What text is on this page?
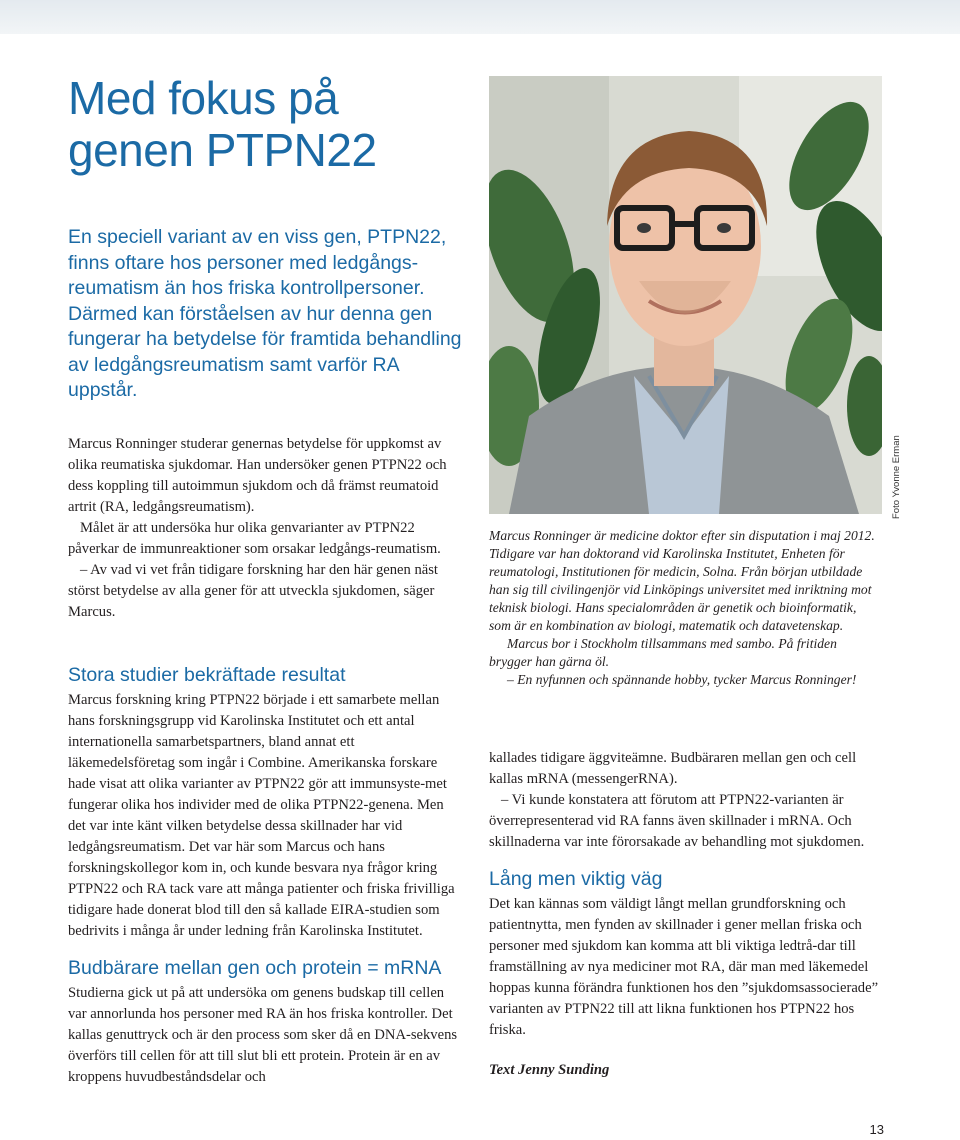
Med fokus på genen PTPN22

En speciell variant av en viss gen, PTPN22, finns oftare hos personer med ledgångs-reumatism än hos friska kontrollpersoner. Därmed kan förståelsen av hur denna gen fungerar ha betydelse för framtida behandling av ledgångsreumatism samt varför RA uppstår.

Marcus Ronninger studerar genernas betydelse för uppkomst av olika reumatiska sjukdomar. Han undersöker genen PTPN22 och dess koppling till autoimmun sjukdom och då främst reumatoid artrit (RA, ledgångsreumatism).

Målet är att undersöka hur olika genvarianter av PTPN22 påverkar de immunreaktioner som orsakar ledgångs-reumatism.

– Av vad vi vet från tidigare forskning har den här genen näst störst betydelse av alla gener för att utveckla sjukdomen, säger Marcus.

Stora studier bekräftade resultat

Marcus forskning kring PTPN22 började i ett samarbete mellan hans forskningsgrupp vid Karolinska Institutet och ett antal internationella samarbetspartners, bland annat ett läkemedelsföretag som ingår i Combine. Amerikanska forskare hade visat att olika varianter av PTPN22 gör att immunsyste-met fungerar olika hos individer med de olika PTPN22-genena. Men det var inte känt vilken betydelse dessa skillnader har vid ledgångsreumatism. Det var här som Marcus och hans forskningskollegor kom in, och kunde besvara nya frågor kring PTPN22 och RA tack vare att många patienter och friska frivilliga tidigare hade donerat blod till den så kallade EIRA-studien som bedrivits i många år under ledning från Karolinska Institutet.

Budbärare mellan gen och protein = mRNA

Studierna gick ut på att undersöka om genens budskap till cellen var annorlunda hos personer med RA än hos friska kontroller. Det kallas genuttryck och är den process som sker då en DNA-sekvens överförs till cellen för att till slut bli ett protein. Protein är en av kroppens huvudbeståndsdelar och

Foto Yvonne Erman

Marcus Ronninger är medicine doktor efter sin disputation i maj 2012. Tidigare var han doktorand vid Karolinska Institutet, Enheten för reumatologi, Institutionen för medicin, Solna. Från början utbildade han sig till civilingenjör vid Linköpings universitet med inriktning mot teknisk biologi. Hans specialområden är genetik och bioinformatik, som är en kombination av biologi, matematik och datavetenskap.

Marcus bor i Stockholm tillsammans med sambo. På fritiden brygger han gärna öl.

– En nyfunnen och spännande hobby, tycker Marcus Ronninger!

kallades tidigare äggviteämne. Budbäraren mellan gen och cell kallas mRNA (messengerRNA).

– Vi kunde konstatera att förutom att PTPN22-varianten är överrepresenterad vid RA fanns även skillnader i mRNA. Och skillnaderna var inte förorsakade av behandling mot sjukdomen.

Lång men viktig väg

Det kan kännas som väldigt långt mellan grundforskning och patientnytta, men fynden av skillnader i gener mellan friska och personer med sjukdom kan komma att bli viktiga ledtrå-dar till framställning av nya mediciner mot RA, där man med läkemedel hoppas kunna förändra funktionen hos den ”sjukdomsassocierade” varianten av PTPN22 till att likna funktionen hos PTPN22 hos friska.

Text Jenny Sunding

13
